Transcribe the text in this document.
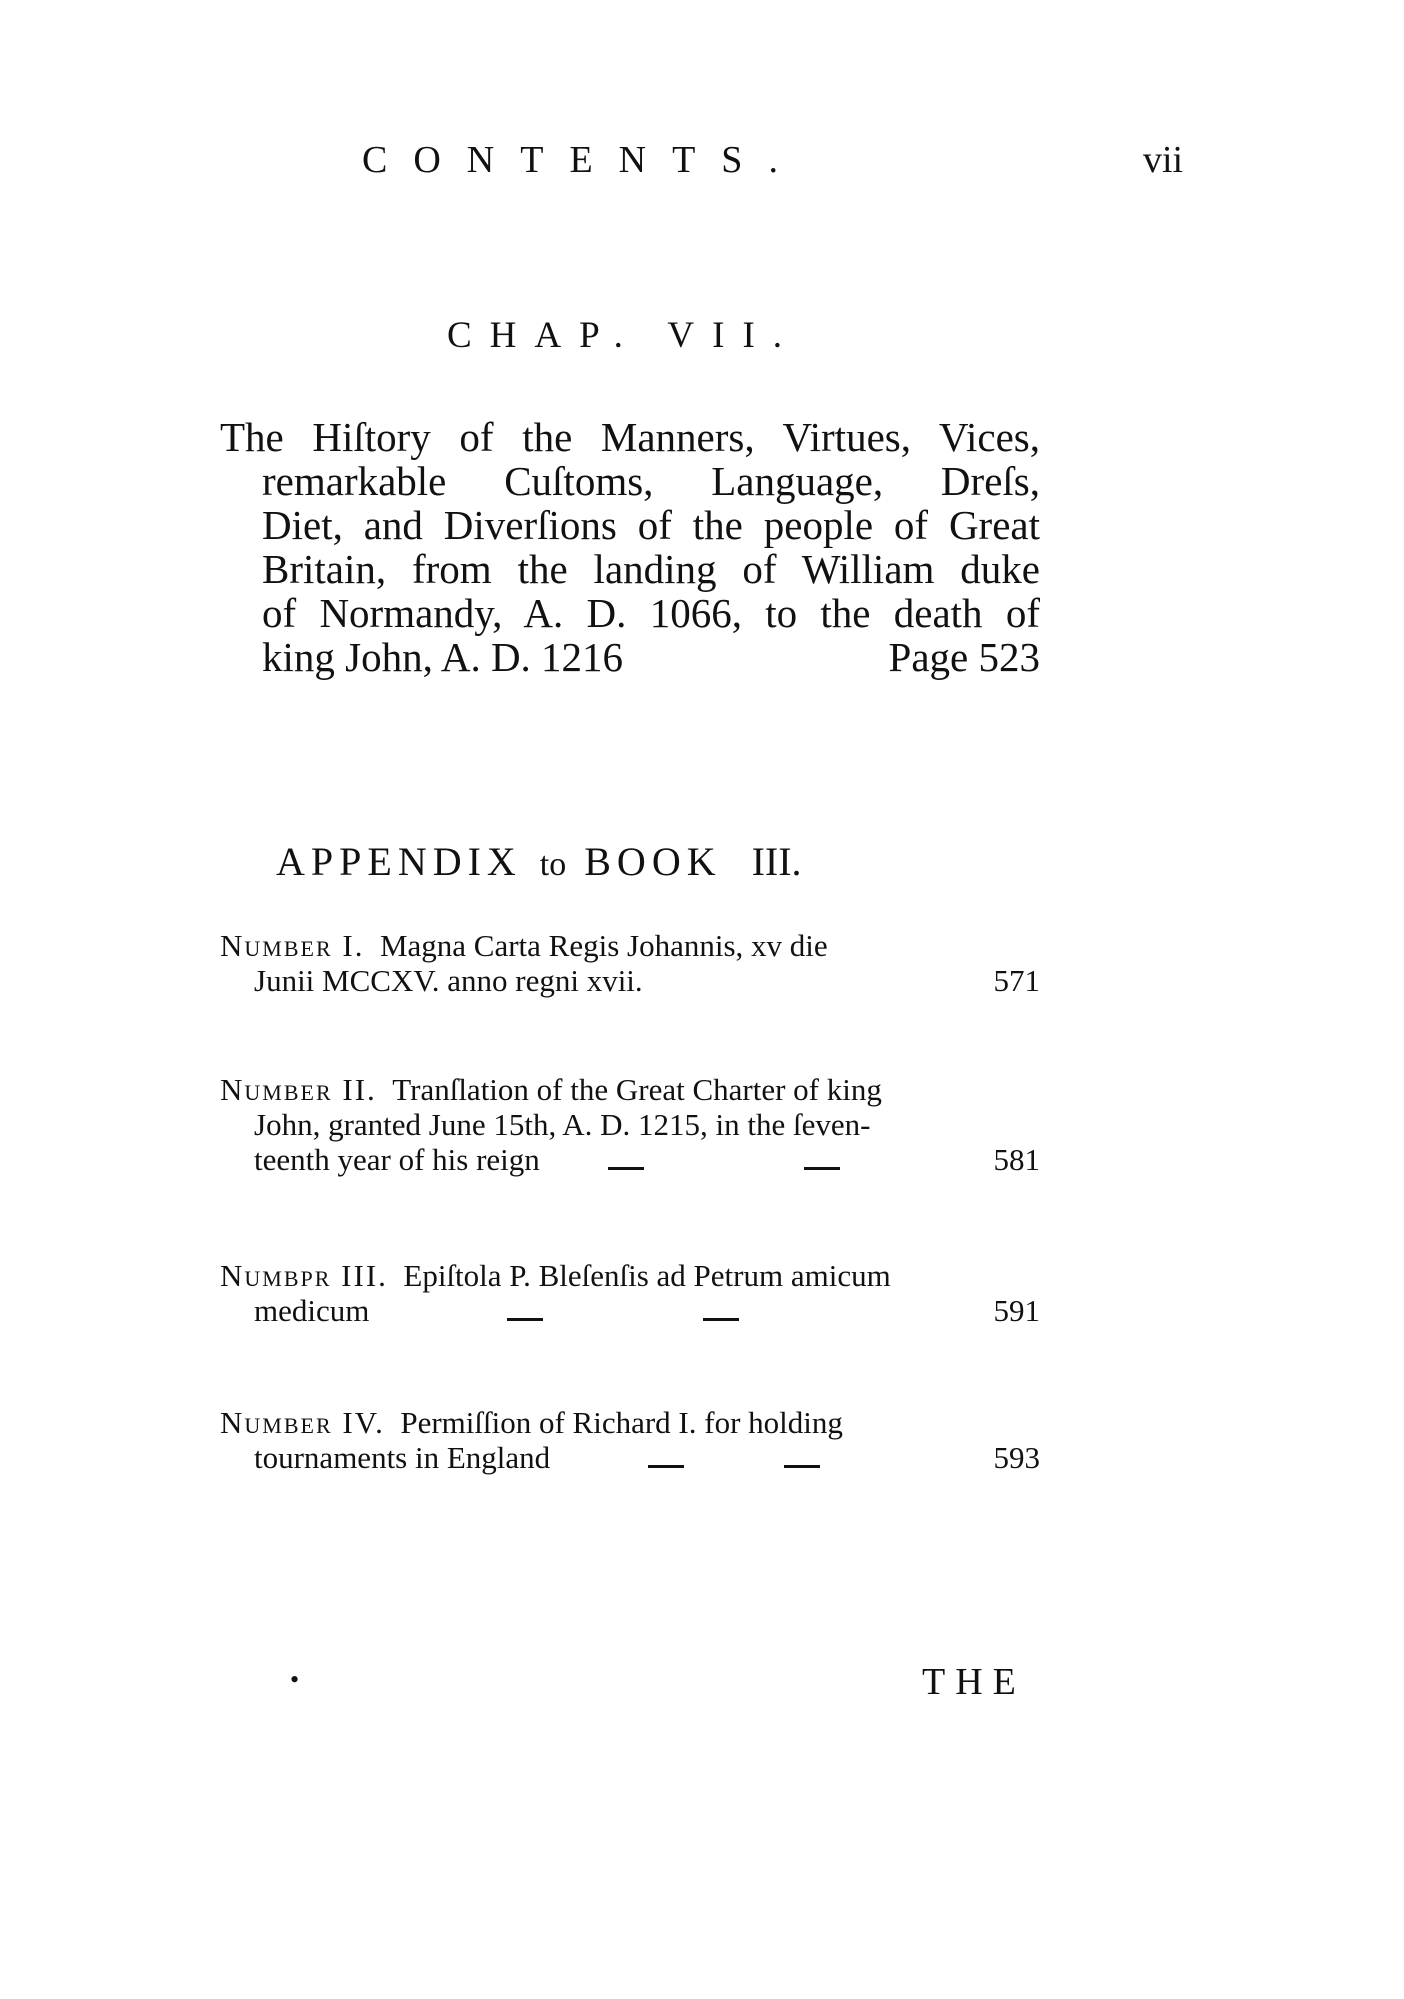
CONTENTS.	vii
CHAP. VII.
The Hiſtory of the Manners, Virtues, Vices,
remarkable Cuſtoms, Language, Dreſs,
Diet, and Diverſions of the people of Great
Britain, from the landing of William duke
of Normandy, A. D. 1066, to the death of
king John, A. D. 1216	Page 523
APPENDIX to BOOK III.
Number I. Magna Carta Regis Johannis, xv die
Junii MCCXV. anno regni xvii.	571
Number II. Tranſlation of the Great Charter of king
John, granted June 15th, A. D. 1215, in the ſeven-
teenth year of his reign	581
Numbpr III. Epiſtola P. Bleſenſis ad Petrum amicum
medicum	591
Number IV. Permiſſion of Richard I. for holding
tournaments in England	593
•	THE
